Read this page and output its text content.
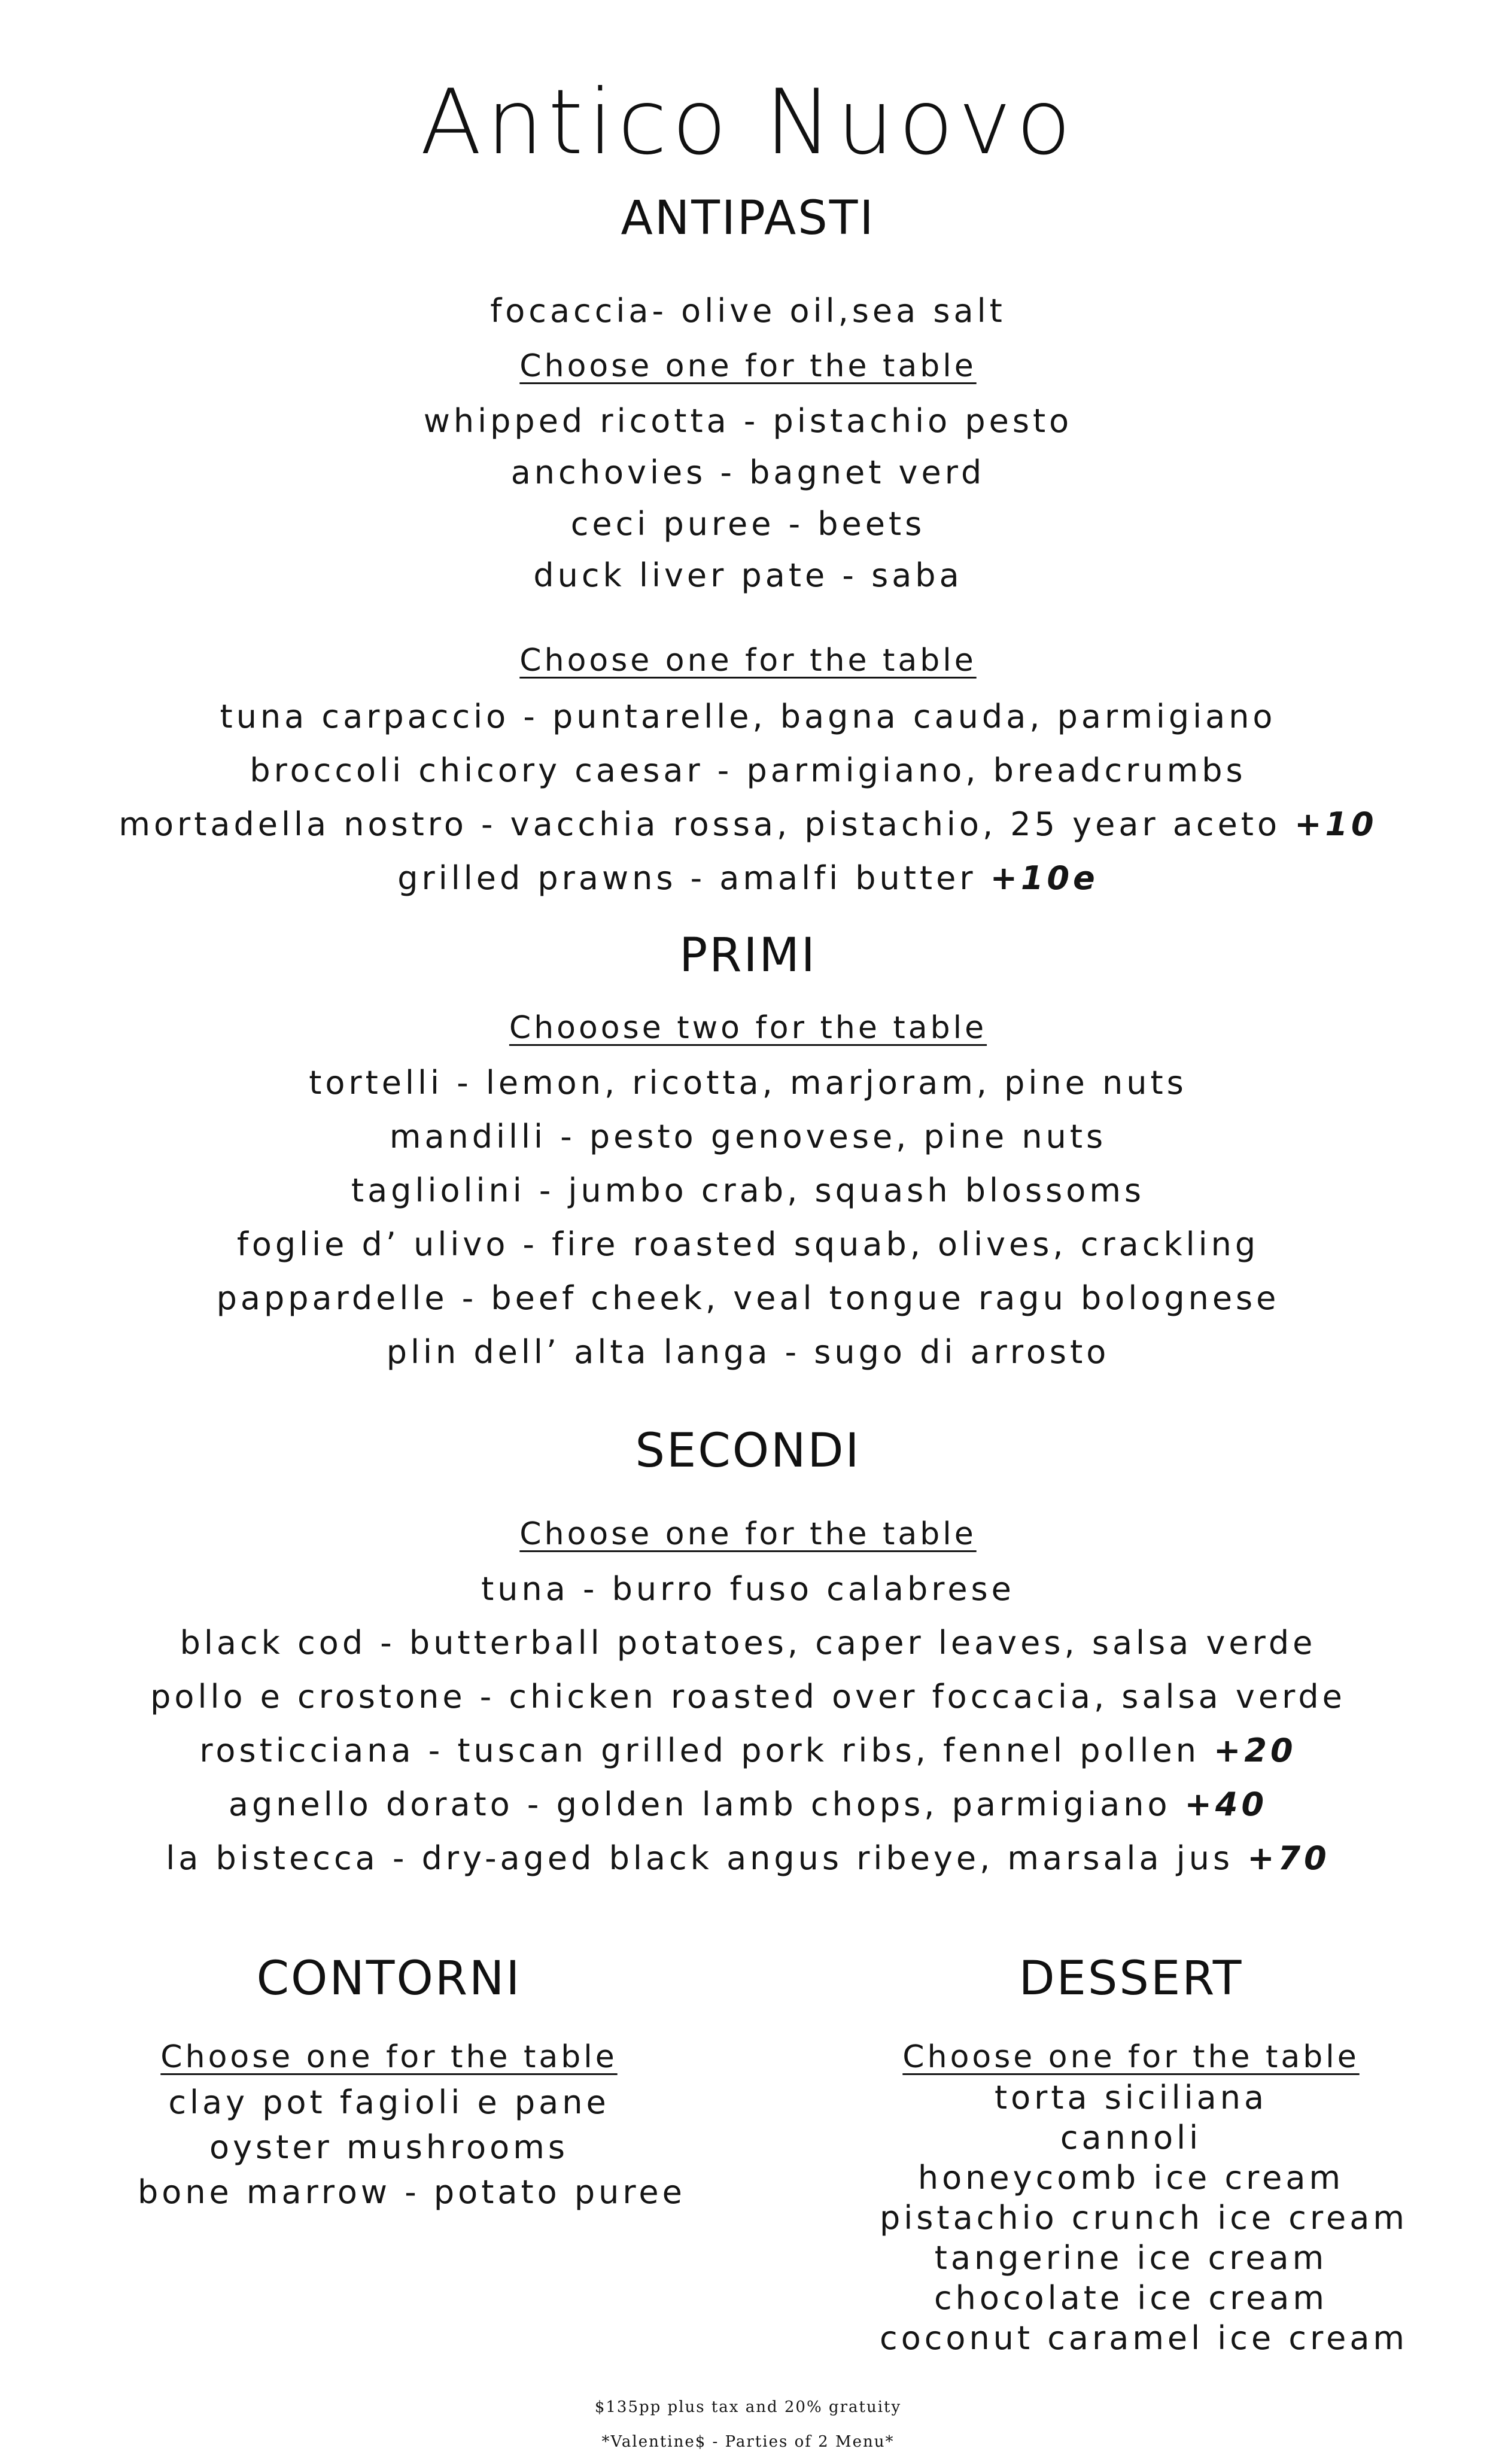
Antico Nuovo
ANTIPASTI
focaccia- olive oil,sea salt
Choose one for the table
whipped ricotta - pistachio pesto
anchovies - bagnet verd
ceci puree - beets
duck liver pate - saba
Choose one for the table
tuna carpaccio - puntarelle, bagna cauda, parmigiano
broccoli chicory caesar - parmigiano, breadcrumbs
mortadella nostro - vacchia rossa, pistachio, 25 year aceto +10
grilled prawns - amalfi butter +10e
PRIMI
Chooose two for the table
tortelli - lemon, ricotta, marjoram, pine nuts
mandilli - pesto genovese, pine nuts
tagliolini - jumbo crab, squash blossoms
foglie d’ ulivo - fire roasted squab, olives, crackling
pappardelle - beef cheek, veal tongue ragu bolognese
plin dell’ alta langa - sugo di arrosto
SECONDI
Choose one for the table
tuna - burro fuso calabrese
black cod - butterball potatoes, caper leaves, salsa verde
pollo e crostone - chicken roasted over foccacia, salsa verde
rosticciana - tuscan grilled pork ribs, fennel pollen +20
agnello dorato - golden lamb chops, parmigiano +40
la bistecca - dry-aged black angus ribeye, marsala jus +70
CONTORNI
Choose one for the table
clay pot fagioli e pane
oyster mushrooms
bone marrow - potato puree
DESSERT
Choose one for the table
torta siciliana
cannoli
honeycomb ice cream
pistachio crunch ice cream
tangerine ice cream
chocolate ice cream
coconut caramel ice cream
$135pp plus tax and 20% gratuity
*Valentine$ - Parties of 2 Menu*
